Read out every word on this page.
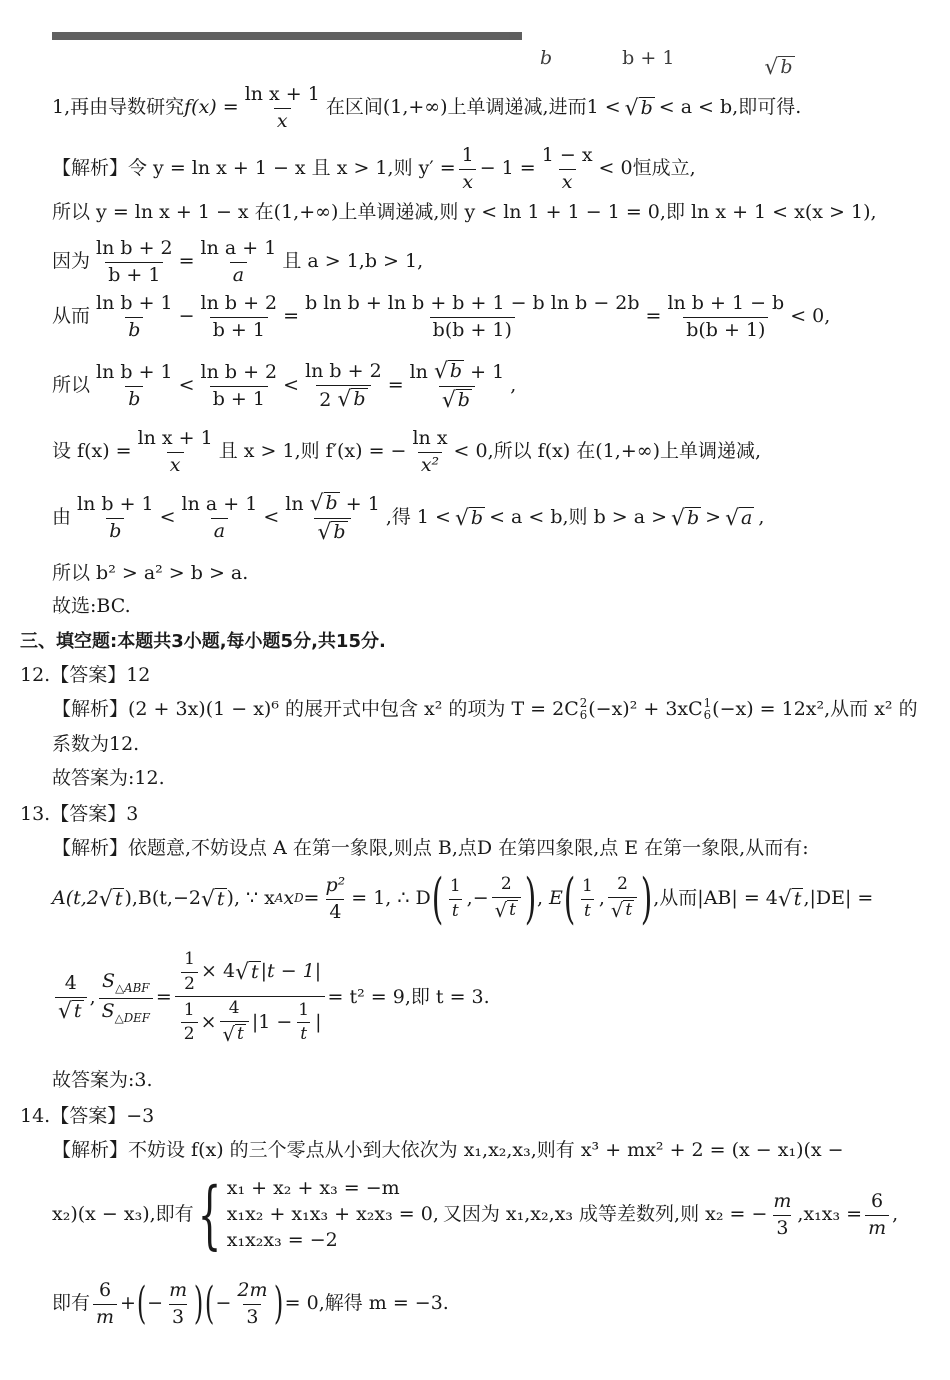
b	b + 1	√ b
1,再由导数研究 $f(x) = \frac{\text{ln x + 1}}{x}$ 在区间(1,+∞)上单调递减,进而1 < √ b < a < b,即可得.
【解析】令 y = ln x + 1 − x 且 x > 1,则 $y' = \frac{1}{x} - 1 = \frac{1 - x}{x} < 0$恒成立,
所以 y = ln x + 1 − x 在(1,+∞)上单调递减,则 y < ln 1 + 1 − 1 = 0,即 ln x + 1 < x(x > 1),
因为 $\frac{\text{ln b + 2}}{b + 1} = \frac{\text{ln a + 1}}{a}$ 且 a > 1,b > 1,
从而 $\frac{\text{ln b + 1}}{b} - \frac{\text{ln b + 2}}{b + 1} = \frac{\text{b ln b + ln b + b + 1 − b ln b − 2b}}{b(b + 1)} = \frac{\text{ln b + 1 − b}}{b(b + 1)} < 0$,
所以 $\frac{\text{ln b + 1}}{b} < \frac{\text{ln b + 2}}{b + 1} < \frac{\text{ln b + 2}}{2 √ b} = \frac{\ln √ b + 1}{√ b}$ ,
设 $f(x) = \frac{\text{ln x + 1}}{x}$ 且 x > 1,则 f′(x) = − $\frac{\text{ln x}}{\text{x²}} < 0$,所以 f(x) 在(1,+∞)上单调递减,
由 $\frac{\text{ln b + 1}}{b} < \frac{\text{ln a + 1}}{a} < \frac{\ln √ b + 1}{√ b}$ ,得 1 < √ b < a < b,则 b > a > √ b > √ a ,
所以 b² > a² > b > a.
故选:BC.
三、填空题:本题共3小题,每小题5分,共15分.
12.【答案】12
【解析】(2 + 3x)(1 − x)⁶ 的展开式中包含 x² 的项为 T = 2C 2
6 (−x)² + 3xC 1
6 (−x) = 12x²,从而 x² 的
系数为12.
故答案为:12.
13.【答案】3
【解析】依题意,不妨设点 A 在第一象限,则点 B,点D 在第四象限,点 E 在第一象限,从而有:
A(t,2 √ t ),B(t,−2 √ t ), ∵ x A x $D = \frac{\text{p²}}{4} = 1$, ∴ D ( $\frac{1}{t}$ ,− $\frac{2}{√ t}$ ) , E ( $\frac{1}{t}$ , $\frac{2}{√ t}$ ) ,从而|AB| = 4 √ t ,|DE| =
$\frac{4}{√ t}$ , $\frac{S_{\triangle ABF}}{S_{\triangle DEF}} = \frac{\frac{1}{2} \times 4 √ t |t - 1|}{\frac{1}{2} \times \frac{4}{√ t} |1 - \frac{1}{t} |} = t^2 = 9$,即 t = 3.
故答案为:3.
14.【答案】−3
【解析】不妨设 f(x) 的三个零点从小到大依次为 x₁,x₂,x₃,则有 x³ + mx² + 2 = (x − x₁)(x −
x₂)(x − x₃),即有 { x₁ + x₂ + x₃ = −m
x₁x₂ + x₁x₃ + x₂x₃ = 0,
x₁x₂x₃ = −2
又因为 x₁,x₂,x₃ 成等差数列,则 x₂ = − $\frac{m}{3} ,x_1x_3 = \frac{6}{m}$ ,
即有 $\frac{6}{m}$ + ( − $\frac{m}{3}$ ) ( − $\frac{2m}{3}$ ) = 0,解得 m = −3.
